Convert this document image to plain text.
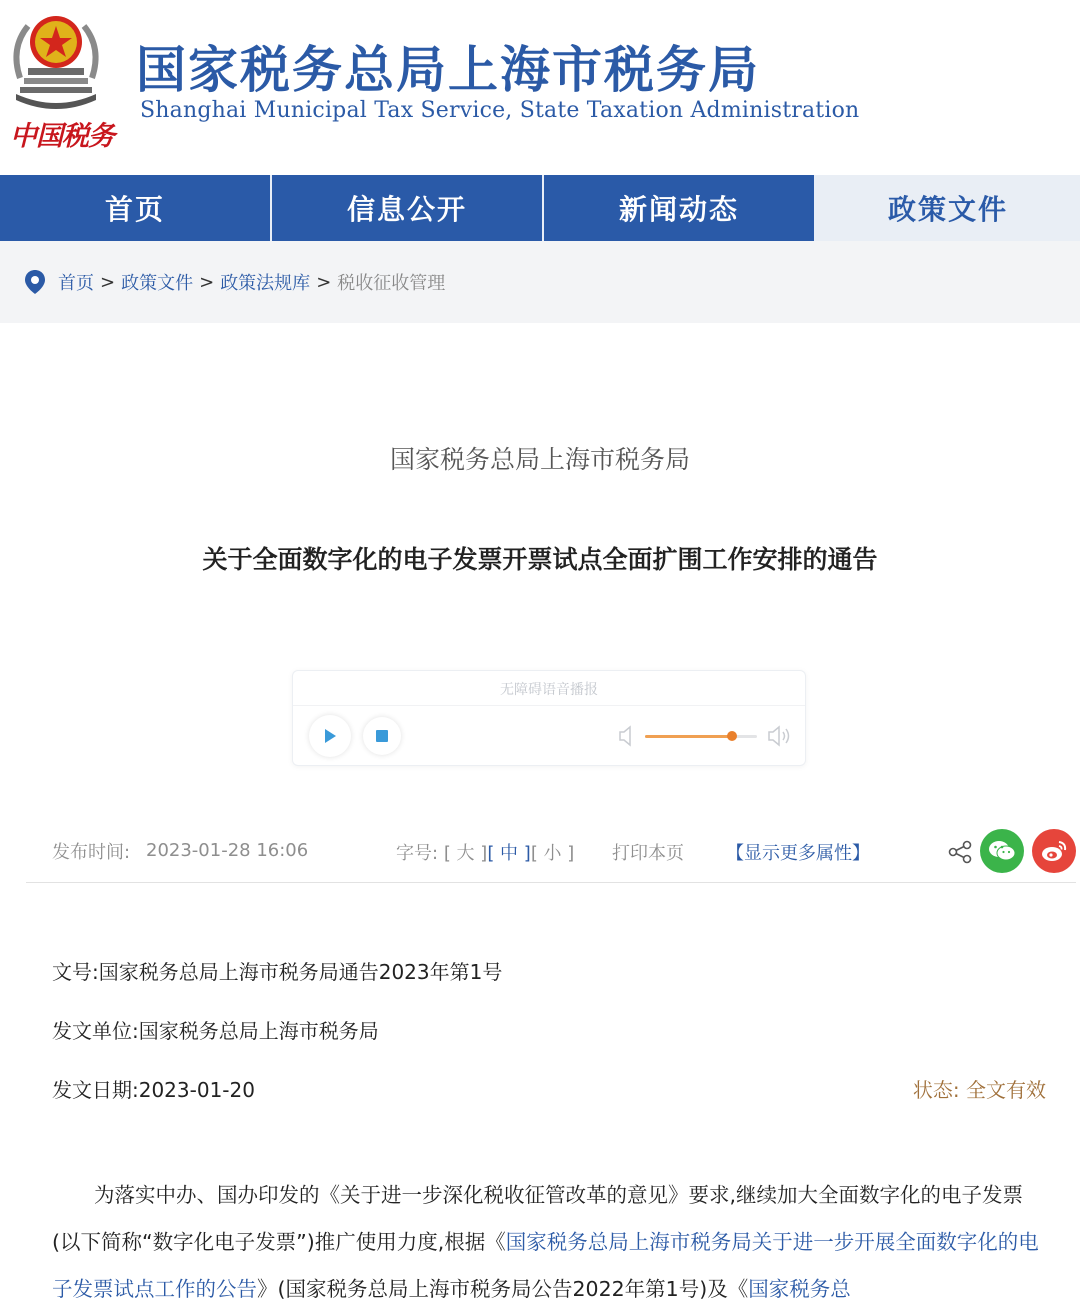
中国税务
国家税务总局上海市税务局
Shanghai Municipal Tax Service, State Taxation Administration
首页	信息公开	新闻动态	政策文件
首页 > 政策文件 > 政策法规库 > 税收征收管理
国家税务总局上海市税务局
关于全面数字化的电子发票开票试点全面扩围工作安排的通告
无障碍语音播报
发布时间: 2023-01-28 16:06	字号: [ 大 ][ 中 ][ 小 ] 打印本页 【显示更多属性】
文号:国家税务总局上海市税务局通告2023年第1号
发文单位:国家税务总局上海市税务局
发文日期:2023-01-20	状态: 全文有效
为落实中办、国办印发的《关于进一步深化税收征管改革的意见》要求,继续加大全面数字化的电子发票(以下简称“数字化电子发票”)推广使用力度,根据《国家税务总局上海市税务局关于进一步开展全面数字化的电子发票试点工作的公告》(国家税务总局上海市税务局公告2022年第1号)及《国家税务总
